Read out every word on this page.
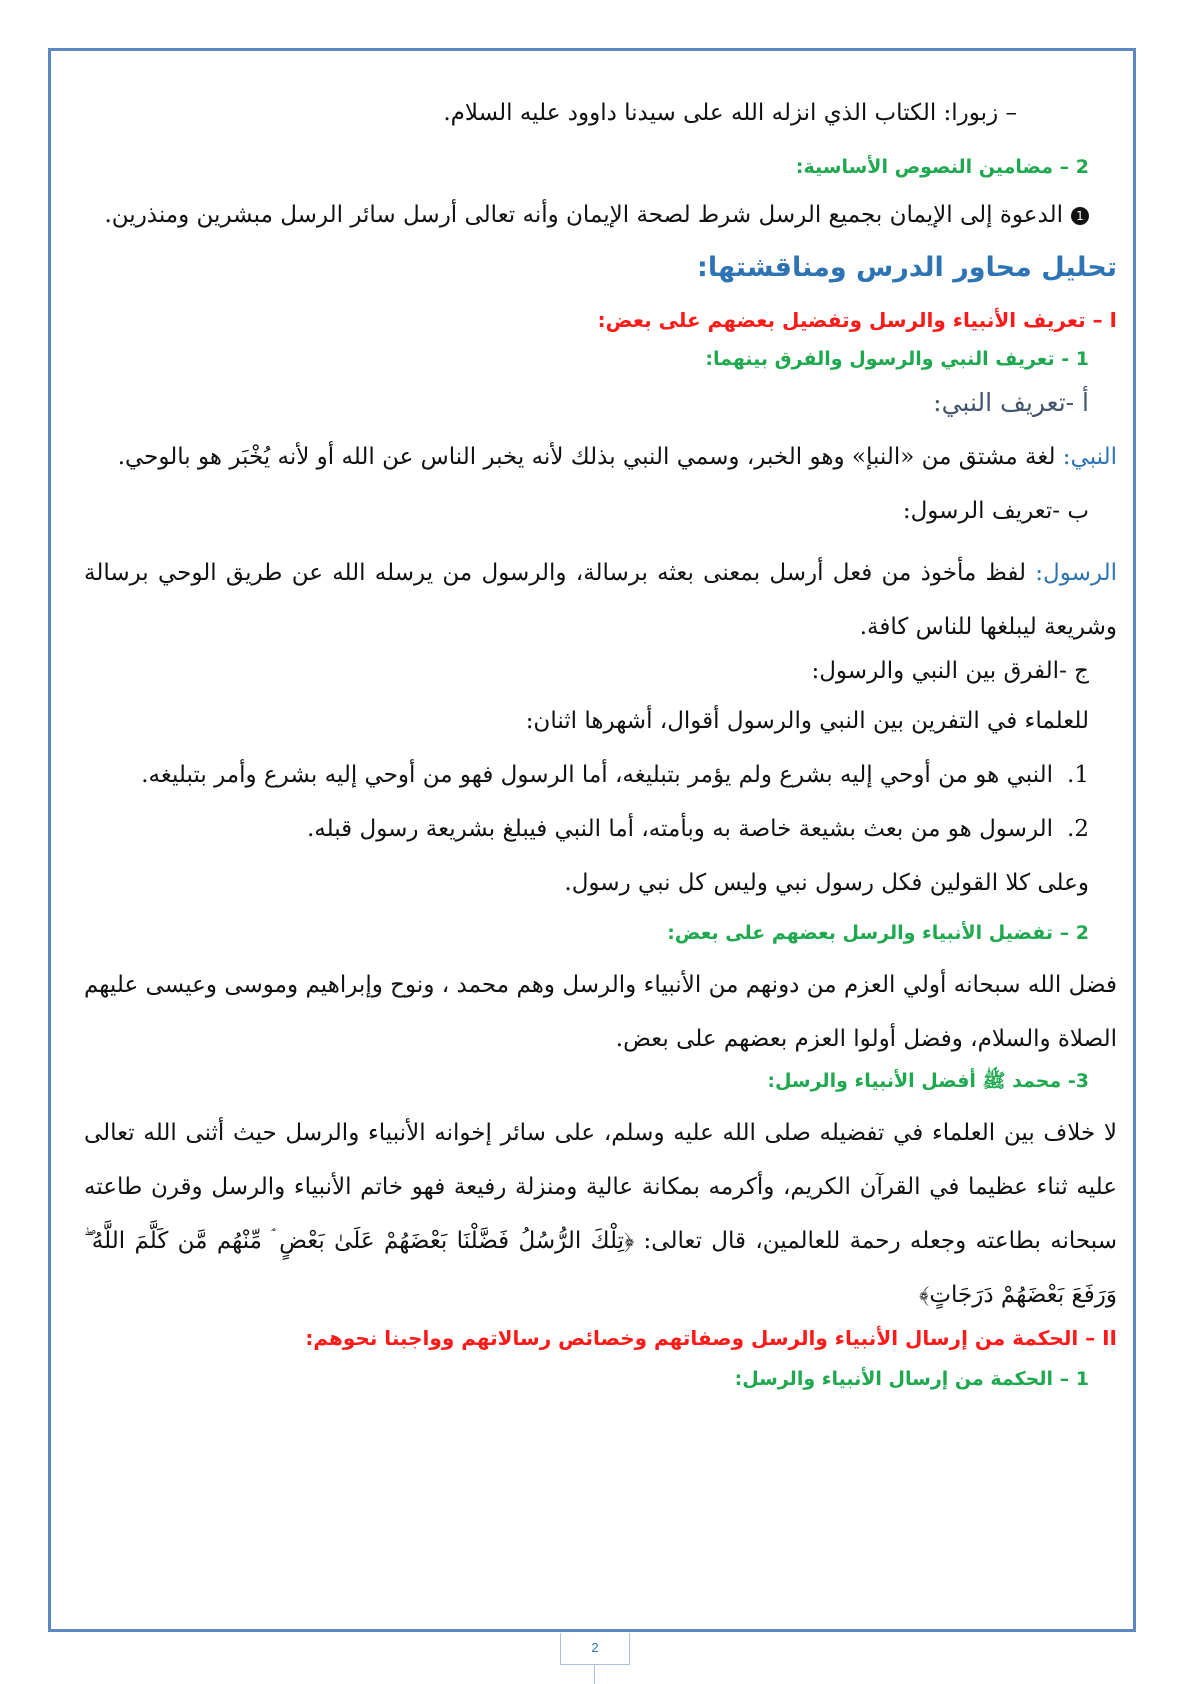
– زبورا: الكتاب الذي انزله الله على سيدنا داوود عليه السلام.
2 – مضامين النصوص الأساسية:
1الدعوة إلى الإيمان بجميع الرسل شرط لصحة الإيمان وأنه تعالى أرسل سائر الرسل مبشرين ومنذرين.
تحليل محاور الدرس ومناقشتها:
I – تعريف الأنبياء والرسل وتفضيل بعضهم على بعض:
1 - تعريف النبي والرسول والفرق بينهما:
أ -تعريف النبي:
النبي: لغة مشتق من «النبإ» وهو الخبر، وسمي النبي بذلك لأنه يخبر الناس عن الله أو لأنه يُخْبَر هو بالوحي.
ب -تعريف الرسول:
الرسول: لفظ مأخوذ من فعل أرسل بمعنى بعثه برسالة، والرسول من يرسله الله عن طريق الوحي برسالة وشريعة ليبلغها للناس كافة.
ج -الفرق بين النبي والرسول:
للعلماء في التفرين بين النبي والرسول أقوال، أشهرها اثنان:
1.النبي هو من أوحي إليه بشرع ولم يؤمر بتبليغه، أما الرسول فهو من أوحي إليه بشرع وأمر بتبليغه.
2.الرسول هو من بعث بشيعة خاصة به وبأمته، أما النبي فيبلغ بشريعة رسول قبله.
وعلى كلا القولين فكل رسول نبي وليس كل نبي رسول.
2 – تفضيل الأنبياء والرسل بعضهم على بعض:
فضل الله سبحانه أولي العزم من دونهم من الأنبياء والرسل وهم محمد ، ونوح وإبراهيم وموسى وعيسى عليهم الصلاة والسلام، وفضل أولوا العزم بعضهم على بعض.
3- محمد ﷺ أفضل الأنبياء والرسل:
لا خلاف بين العلماء في تفضيله صلى الله عليه وسلم، على سائر إخوانه الأنبياء والرسل حيث أثنى الله تعالى عليه ثناء عظيما في القرآن الكريم، وأكرمه بمكانة عالية ومنزلة رفيعة فهو خاتم الأنبياء والرسل وقرن طاعته سبحانه بطاعته وجعله رحمة للعالمين، قال تعالى: ﴿تِلْكَ الرُّسُلُ فَضَّلْنَا بَعْضَهُمْ عَلَىٰ بَعْضٍ ۘ مِّنْهُم مَّن كَلَّمَ اللَّهُ ۖ وَرَفَعَ بَعْضَهُمْ دَرَجَاتٍ﴾
II – الحكمة من إرسال الأنبياء والرسل وصفاتهم وخصائص رسالاتهم وواجبنا نحوهم:
1 – الحكمة من إرسال الأنبياء والرسل:
2
